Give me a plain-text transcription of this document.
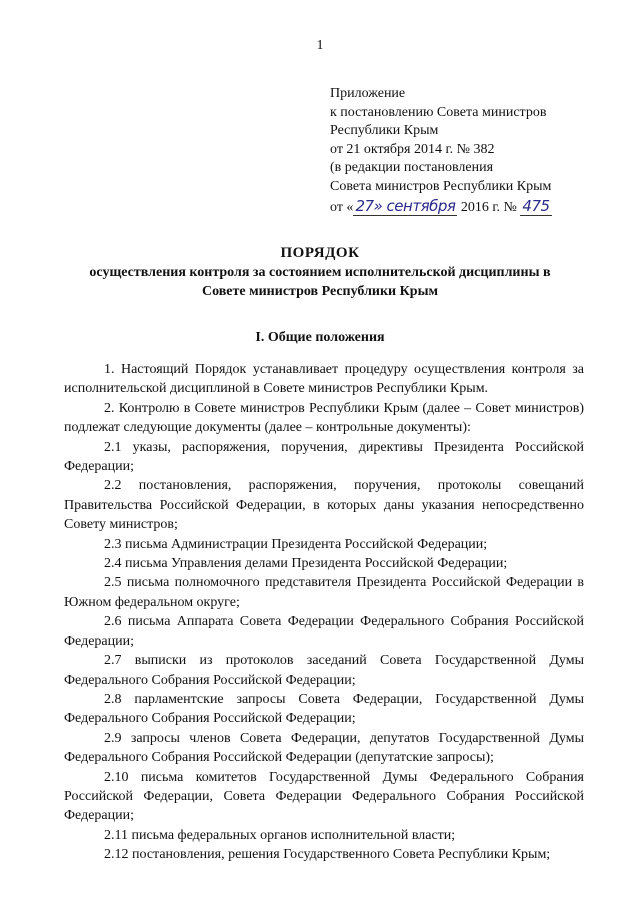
1
Приложение
к постановлению Совета министров
Республики Крым
от 21 октября 2014 г. № 382
(в редакции постановления
Совета министров Республики Крым
от « 27» сентября 2016 г. № 475
ПОРЯДОК
осуществления контроля за состоянием исполнительской дисциплины в
Совете министров Республики Крым
I. Общие положения

1. Настоящий Порядок устанавливает процедуру осуществления контроля за исполнительской дисциплиной в Совете министров Республики Крым.

2. Контролю в Совете министров Республики Крым (далее – Совет министров) подлежат следующие документы (далее – контрольные документы):

2.1 указы, распоряжения, поручения, директивы Президента Российской Федерации;

2.2 постановления, распоряжения, поручения, протоколы совещаний Правительства Российской Федерации, в которых даны указания непосредственно Совету министров;

2.3 письма Администрации Президента Российской Федерации;

2.4 письма Управления делами Президента Российской Федерации;

2.5 письма полномочного представителя Президента Российской Федерации в Южном федеральном округе;

2.6 письма Аппарата Совета Федерации Федерального Собрания Российской Федерации;

2.7 выписки из протоколов заседаний Совета Государственной Думы Федерального Собрания Российской Федерации;

2.8 парламентские запросы Совета Федерации, Государственной Думы Федерального Собрания Российской Федерации;

2.9 запросы членов Совета Федерации, депутатов Государственной Думы Федерального Собрания Российской Федерации (депутатские запросы);

2.10 письма комитетов Государственной Думы Федерального Собрания Российской Федерации, Совета Федерации Федерального Собрания Российской Федерации;

2.11 письма федеральных органов исполнительной власти;

2.12 постановления, решения Государственного Совета Республики Крым;
